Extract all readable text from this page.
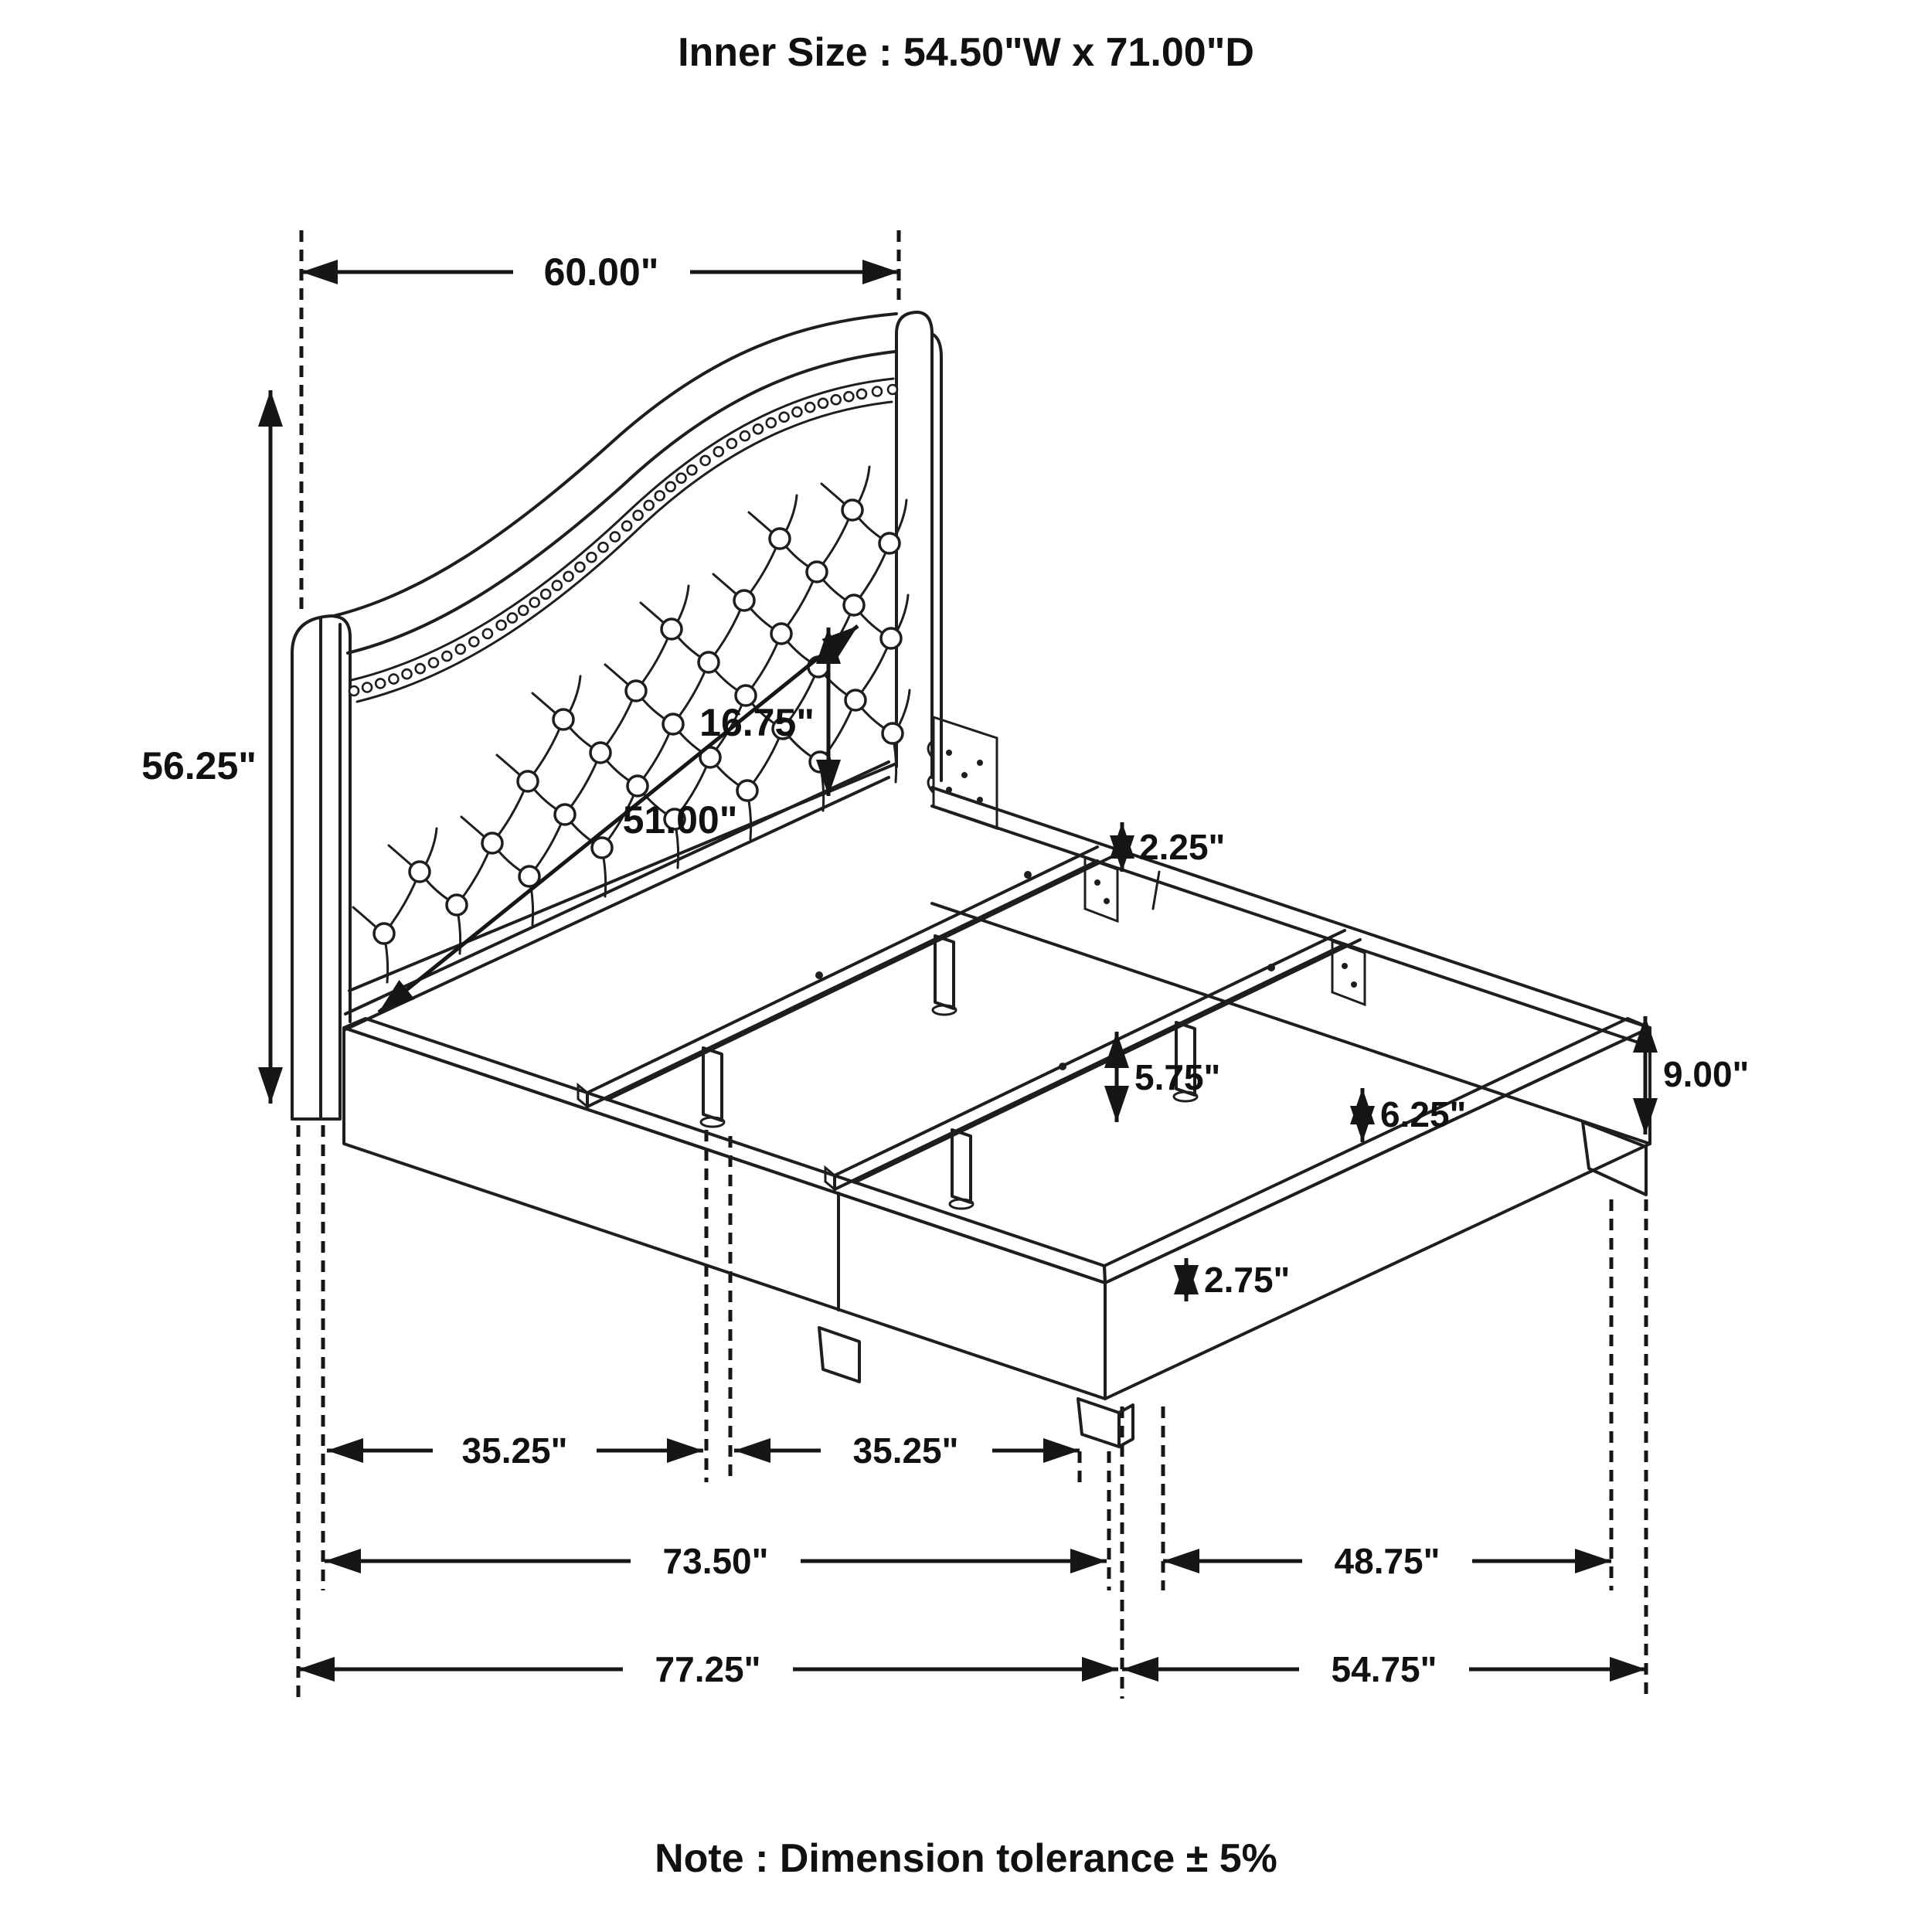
Inner Size : 54.50"W x 71.00"D
Note : Dimension tolerance ± 5%
60.00"
56.25"
51.00"
16.75"
2.25"
5.75"	9.00"
6.25"
2.75"
35.25"	35.25"
73.50"	48.75"
77.25"	54.75"
